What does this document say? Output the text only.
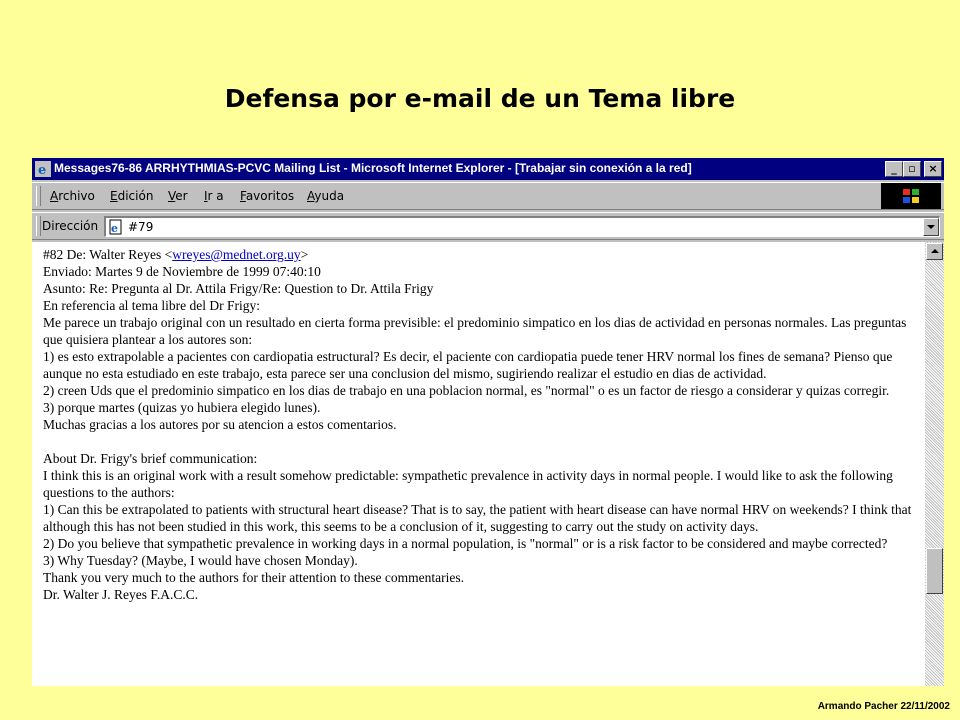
Defensa por e-mail de un Tema libre
e Messages76-86 ARRHYTHMIAS-PCVC Mailing List - Microsoft Internet Explorer - [Trabajar sin conexión a la red]	_	▫	×
Archivo Edición Ver Ir a Favoritos Ayuda
Dirección e #79

#82 De: Walter Reyes <wreyes@mednet.org.uy>

Enviado: Martes 9 de Noviembre de 1999 07:40:10

Asunto: Re: Pregunta al Dr. Attila Frigy/Re: Question to Dr. Attila Frigy

En referencia al tema libre del Dr Frigy:

Me parece un trabajo original con un resultado en cierta forma previsible: el predominio simpatico en los dias de actividad en personas normales. Las preguntas que quisiera plantear a los autores son:

1) es esto extrapolable a pacientes con cardiopatia estructural? Es decir, el paciente con cardiopatia puede tener HRV normal los fines de semana? Pienso que aunque no esta estudiado en este trabajo, esta parece ser una conclusion del mismo, sugiriendo realizar el estudio en dias de actividad.

2) creen Uds que el predominio simpatico en los dias de trabajo en una poblacion normal, es "normal" o es un factor de riesgo a considerar y quizas corregir.

3) porque martes (quizas yo hubiera elegido lunes).

Muchas gracias a los autores por su atencion a estos comentarios.

About Dr. Frigy's brief communication:

I think this is an original work with a result somehow predictable: sympathetic prevalence in activity days in normal people. I would like to ask the following questions to the authors:

1) Can this be extrapolated to patients with structural heart disease? That is to say, the patient with heart disease can have normal HRV on weekends? I think that although this has not been studied in this work, this seems to be a conclusion of it, suggesting to carry out the study on activity days.

2) Do you believe that sympathetic prevalence in working days in a normal population, is "normal" or is a risk factor to be considered and maybe corrected?

3) Why Tuesday? (Maybe, I would have chosen Monday).

Thank you very much to the authors for their attention to these commentaries.

Dr. Walter J. Reyes F.A.C.C.

Armando Pacher 22/11/2002
